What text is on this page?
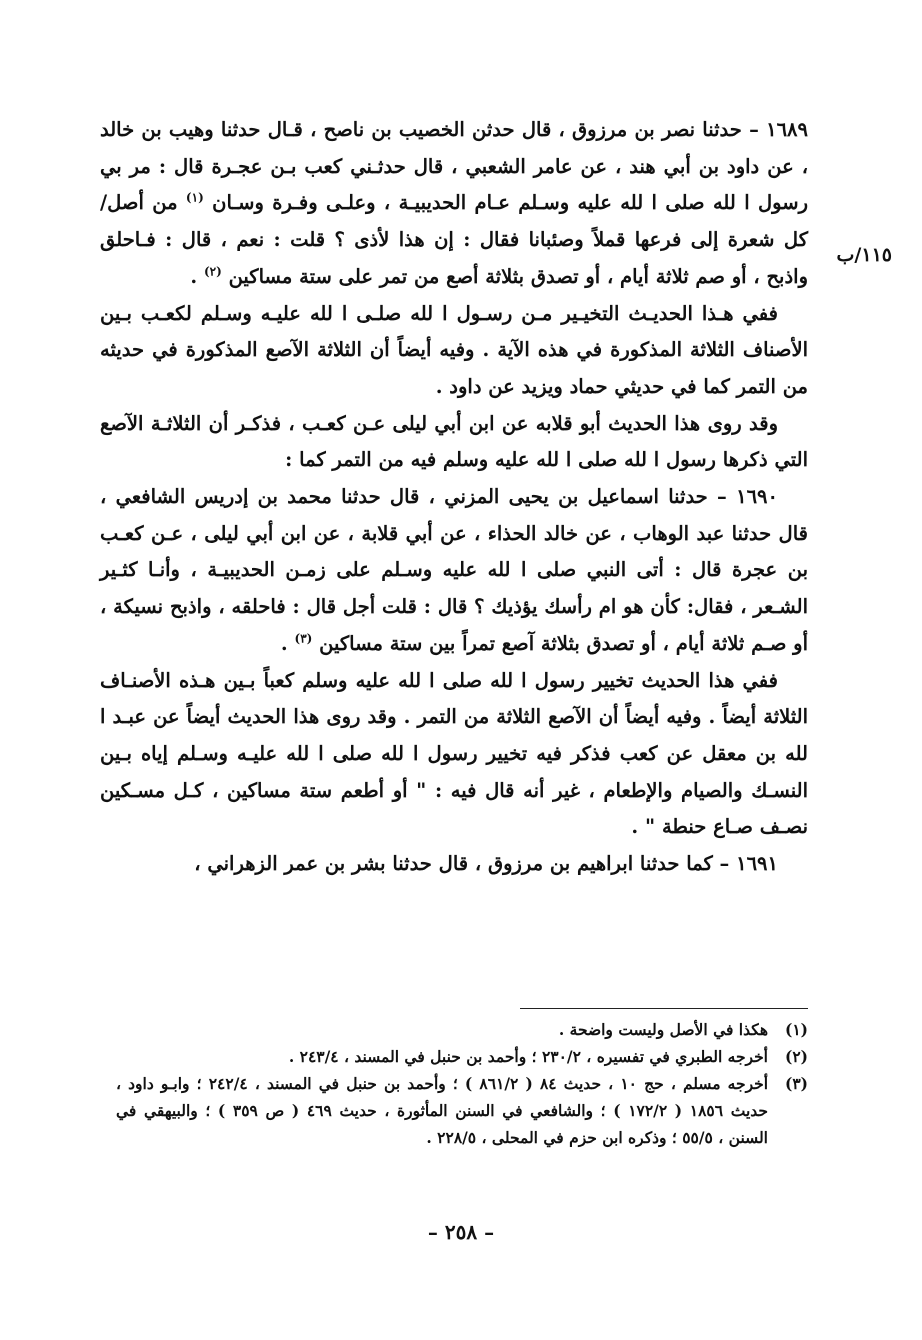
١١٥/ب

١٦٨٩ – حدثنا نصر بن مرزوق ، قال حدثن الخصيب بن ناصح ، قـال حدثنا وهيب بن خالد ، عن داود بن أبي هند ، عن عامر الشعبي ، قال حدثـني كعب بـن عجـرة قال : مر بي رسول ا لله صلى ا لله عليه وسـلم عـام الحديبيـة ، وعلـى وفـرة وسـان $^{(١)}$ من أصل/ كل شعرة إلى فرعها قملاً وصئبانا فقال : إن هذا لأذى ؟ قلت : نعم ، قال : فـاحلق واذبح ، أو صم ثلاثة أيام ، أو تصدق بثلاثة أصع من تمر على ستة مساكين $^{(٢)}$ .

ففي هـذا الحديـث التخيـير مـن رسـول ا لله صلـى ا لله عليـه وسـلم لكعـب بـين الأصناف الثلاثة المذكورة في هذه الآية . وفيه أيضاً أن الثلاثة الآصع المذكورة في حديثه من التمر كما في حديثي حماد ويزيد عن داود .

وقد روى هذا الحديث أبو قلابه عن ابن أبي ليلى عـن كعـب ، فذكـر أن الثلاثـة الآصع التي ذكرها رسول ا لله صلى ا لله عليه وسلم فيه من التمر كما :

١٦٩٠ – حدثنا اسماعيل بن يحيى المزني ، قال حدثنا محمد بن إدريس الشافعي ، قال حدثنا عبد الوهاب ، عن خالد الحذاء ، عن أبي قلابة ، عن ابن أبي ليلى ، عـن كعـب بن عجرة قال : أتى النبي صلى ا لله عليه وسـلم على زمـن الحديبيـة ، وأنـا كثـير الشـعر ، فقال: كأن هو ام رأسك يؤذيك ؟ قال : قلت أجل قال : فاحلقه ، واذبح نسيكة ، أو صـم ثلاثة أيام ، أو تصدق بثلاثة آصع تمراً بين ستة مساكين $^{(٣)}$ .

ففي هذا الحديث تخيير رسول ا لله صلى ا لله عليه وسلم كعباً بـين هـذه الأصنـاف الثلاثة أيضاً . وفيه أيضاً أن الآصع الثلاثة من التمر . وقد روى هذا الحديث أيضاً عن عبـد ا لله بن معقل عن كعب فذكر فيه تخيير رسول ا لله صلى ا لله عليـه وسـلم إياه بـين النسـك والصيام والإطعام ، غير أنه قال فيه : " أو أطعم ستة مساكين ، كـل مسـكين نصـف صـاع حنطة " .

١٦٩١ – كما حدثنا ابراهيم بن مرزوق ، قال حدثنا بشر بن عمر الزهراني ،

(١)
هكذا في الأصل وليست واضحة .
(٢)
أخرجه الطبري في تفسيره ، ٢٣٠/٢ ؛ وأحمد بن حنبل في المسند ، ٢٤٣/٤ .
(٣)
أخرجه مسلم ، حج ١٠ ، حديث ٨٤ ( ٨٦١/٢ ) ؛ وأحمد بن حنبل في المسند ، ٢٤٢/٤ ؛ وابـو داود ، حديث ١٨٥٦ ( ١٧٢/٢ ) ؛ والشافعي في السنن المأثورة ، حديث ٤٦٩ ( ص ٣٥٩ ) ؛ والبيهقي في السنن ، ٥٥/٥ ؛ وذكره ابن حزم في المحلى ، ٢٢٨/٥ .
– ٢٥٨ –
